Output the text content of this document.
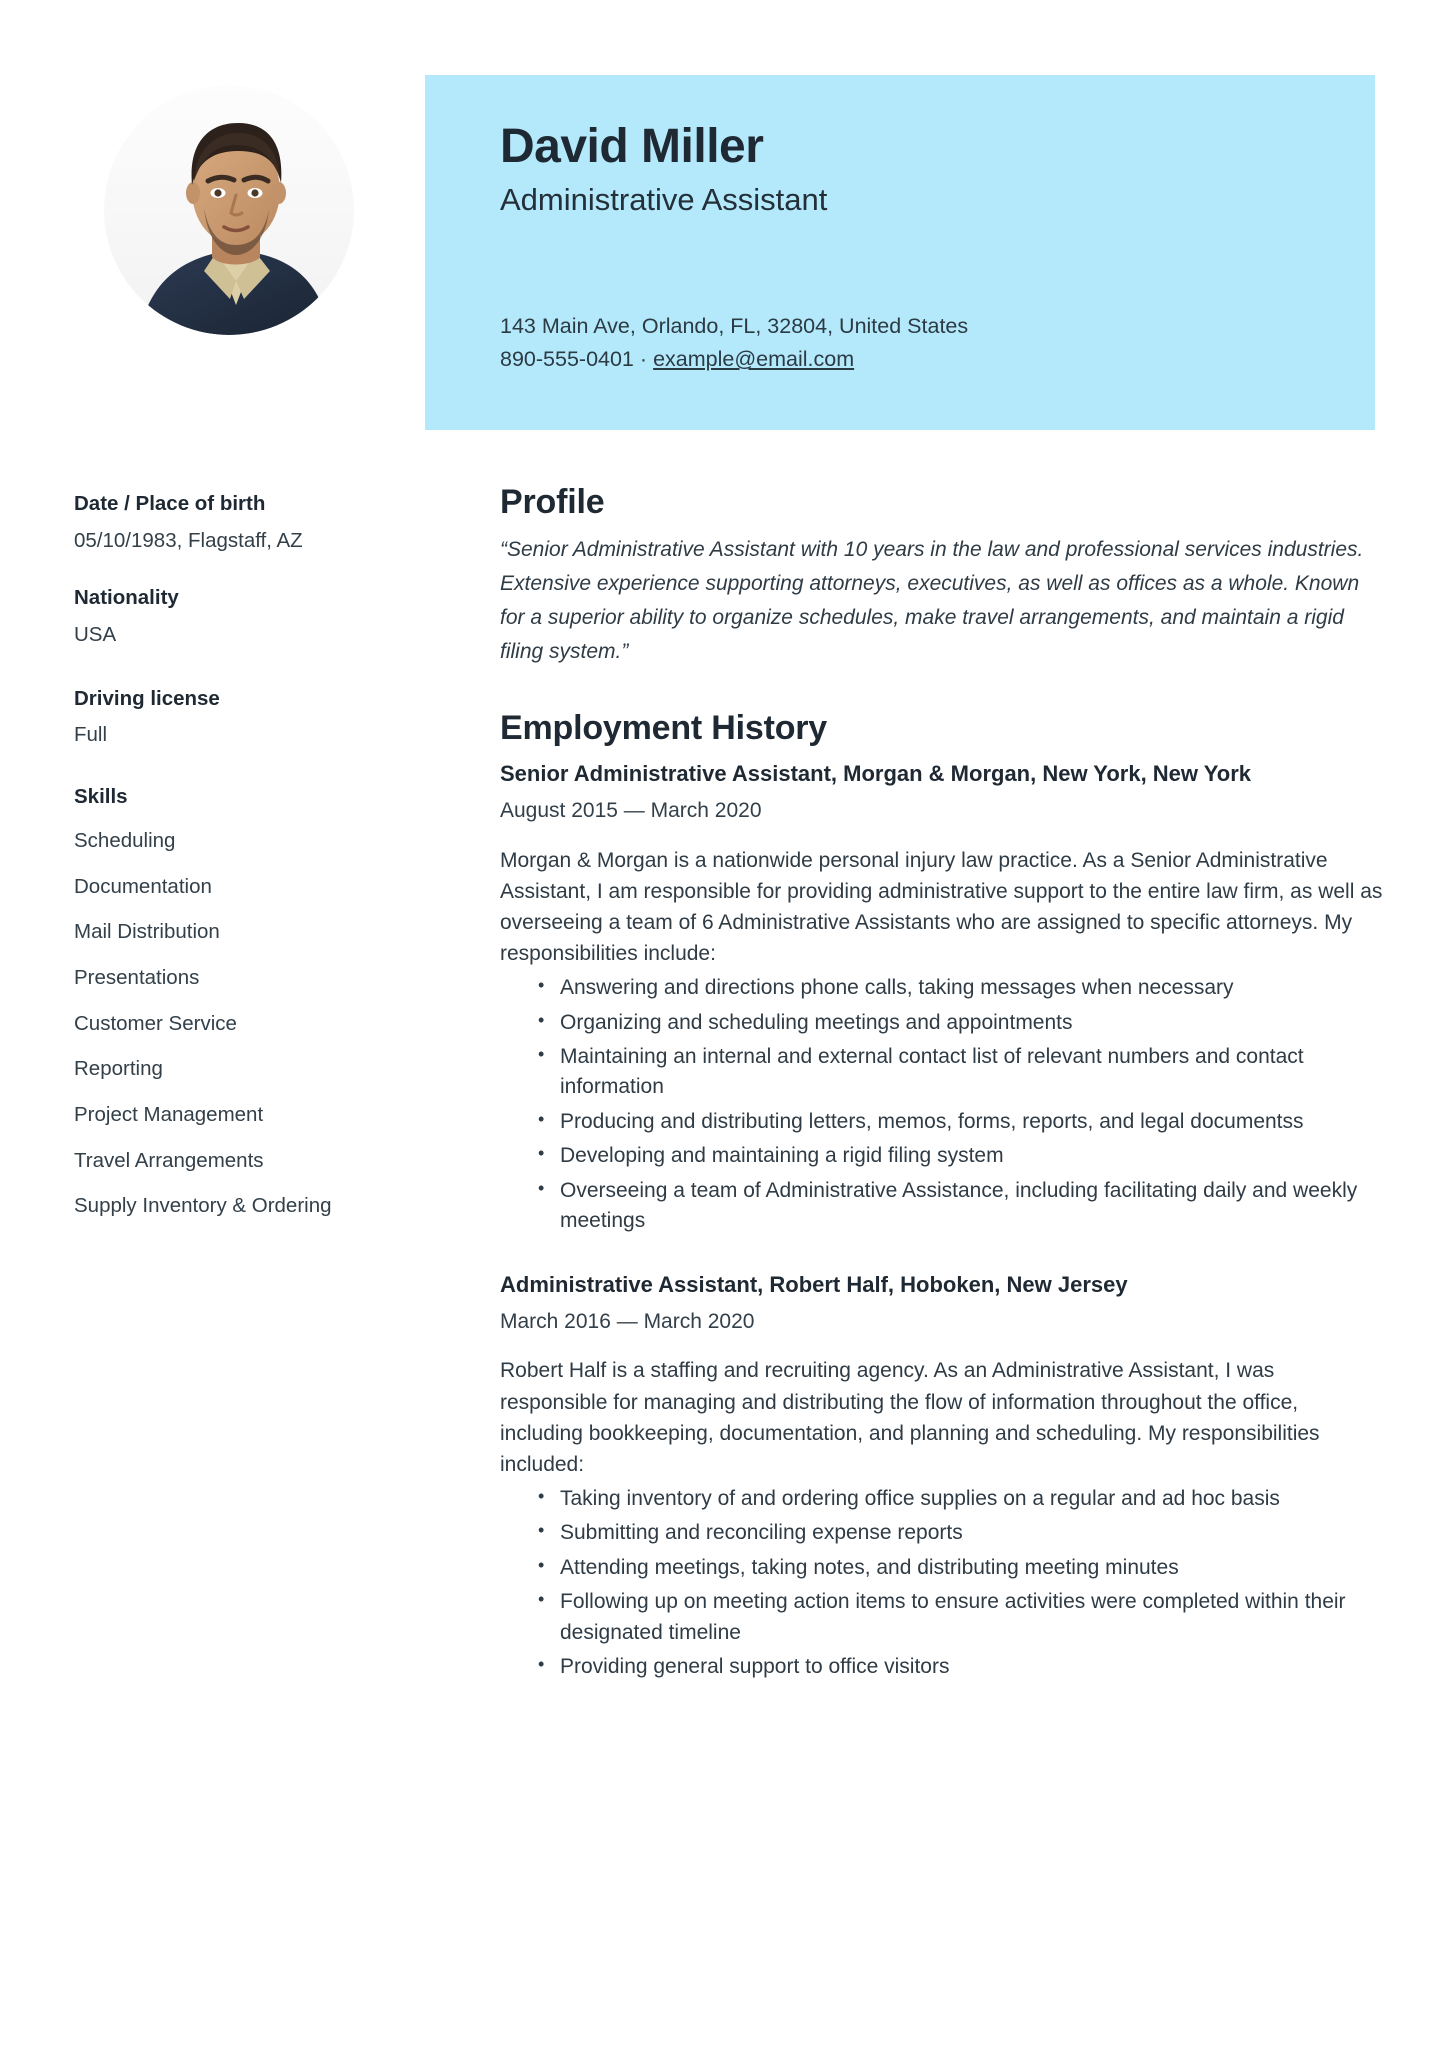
David Miller
Administrative Assistant
143 Main Ave, Orlando, FL, 32804, United States
890-555-0401 · example@email.com
Date / Place of birth
05/10/1983, Flagstaff, AZ
Nationality
USA
Driving license
Full
Skills
Scheduling
Documentation
Mail Distribution
Presentations
Customer Service
Reporting
Project Management
Travel Arrangements
Supply Inventory & Ordering
Profile
“Senior Administrative Assistant with 10 years in the law and professional services industries. Extensive experience supporting attorneys, executives, as well as offices as a whole. Known for a superior ability to organize schedules, make travel arrangements, and maintain a rigid filing system.”
Employment History
Senior Administrative Assistant, Morgan & Morgan, New York, New York
August 2015 — March 2020
Morgan & Morgan is a nationwide personal injury law practice. As a Senior Administrative Assistant, I am responsible for providing administrative support to the entire law firm, as well as overseeing a team of 6 Administrative Assistants who are assigned to specific attorneys. My responsibilities include:
• Answering and directions phone calls, taking messages when necessary
• Organizing and scheduling meetings and appointments
• Maintaining an internal and external contact list of relevant numbers and contact information
• Producing and distributing letters, memos, forms, reports, and legal documentss
• Developing and maintaining a rigid filing system
• Overseeing a team of Administrative Assistance, including facilitating daily and weekly meetings
Administrative Assistant, Robert Half, Hoboken, New Jersey
March 2016 — March 2020
Robert Half is a staffing and recruiting agency. As an Administrative Assistant, I was responsible for managing and distributing the flow of information throughout the office, including bookkeeping, documentation, and planning and scheduling. My responsibilities included:
• Taking inventory of and ordering office supplies on a regular and ad hoc basis
• Submitting and reconciling expense reports
• Attending meetings, taking notes, and distributing meeting minutes
• Following up on meeting action items to ensure activities were completed within their designated timeline
• Providing general support to office visitors
